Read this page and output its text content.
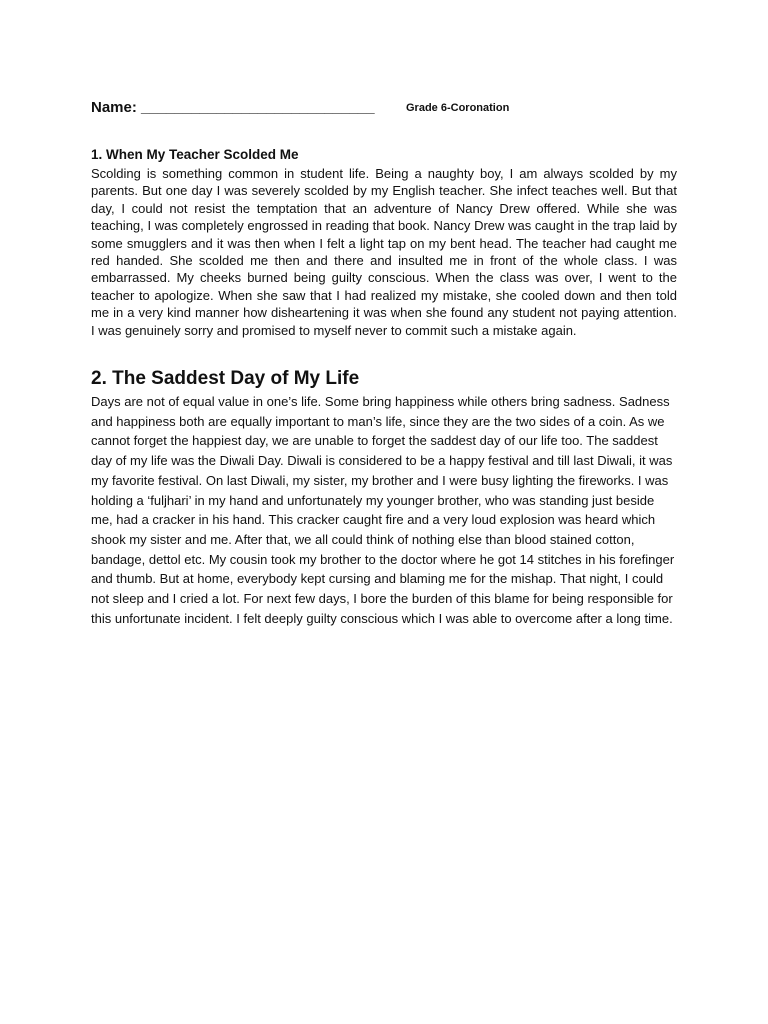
Name: ____________________________	Grade 6-Coronation
1. When My Teacher Scolded Me

Scolding is something common in student life. Being a naughty boy, I am always scolded by my parents. But one day I was severely scolded by my English teacher. She infect teaches well. But that day, I could not resist the temptation that an adventure of Nancy Drew offered. While she was teaching, I was completely engrossed in reading that book. Nancy Drew was caught in the trap laid by some smugglers and it was then when I felt a light tap on my bent head. The teacher had caught me red handed. She scolded me then and there and insulted me in front of the whole class. I was embarrassed. My cheeks burned being guilty conscious. When the class was over, I went to the teacher to apologize. When she saw that I had realized my mistake, she cooled down and then told me in a very kind manner how disheartening it was when she found any student not paying attention. I was genuinely sorry and promised to myself never to commit such a mistake again.

2. The Saddest Day of My Life

Days are not of equal value in one’s life. Some bring happiness while others bring sadness. Sadness and happiness both are equally important to man’s life, since they are the two sides of a coin. As we cannot forget the happiest day, we are unable to forget the saddest day of our life too. The saddest day of my life was the Diwali Day. Diwali is considered to be a happy festival and till last Diwali, it was my favorite festival. On last Diwali, my sister, my brother and I were busy lighting the fireworks. I was holding a ‘fuljhari’ in my hand and unfortunately my younger brother, who was standing just beside me, had a cracker in his hand. This cracker caught fire and a very loud explosion was heard which shook my sister and me. After that, we all could think of nothing else than blood stained cotton, bandage, dettol etc. My cousin took my brother to the doctor where he got 14 stitches in his forefinger and thumb. But at home, everybody kept cursing and blaming me for the mishap. That night, I could not sleep and I cried a lot. For next few days, I bore the burden of this blame for being responsible for this unfortunate incident. I felt deeply guilty conscious which I was able to overcome after a long time.
